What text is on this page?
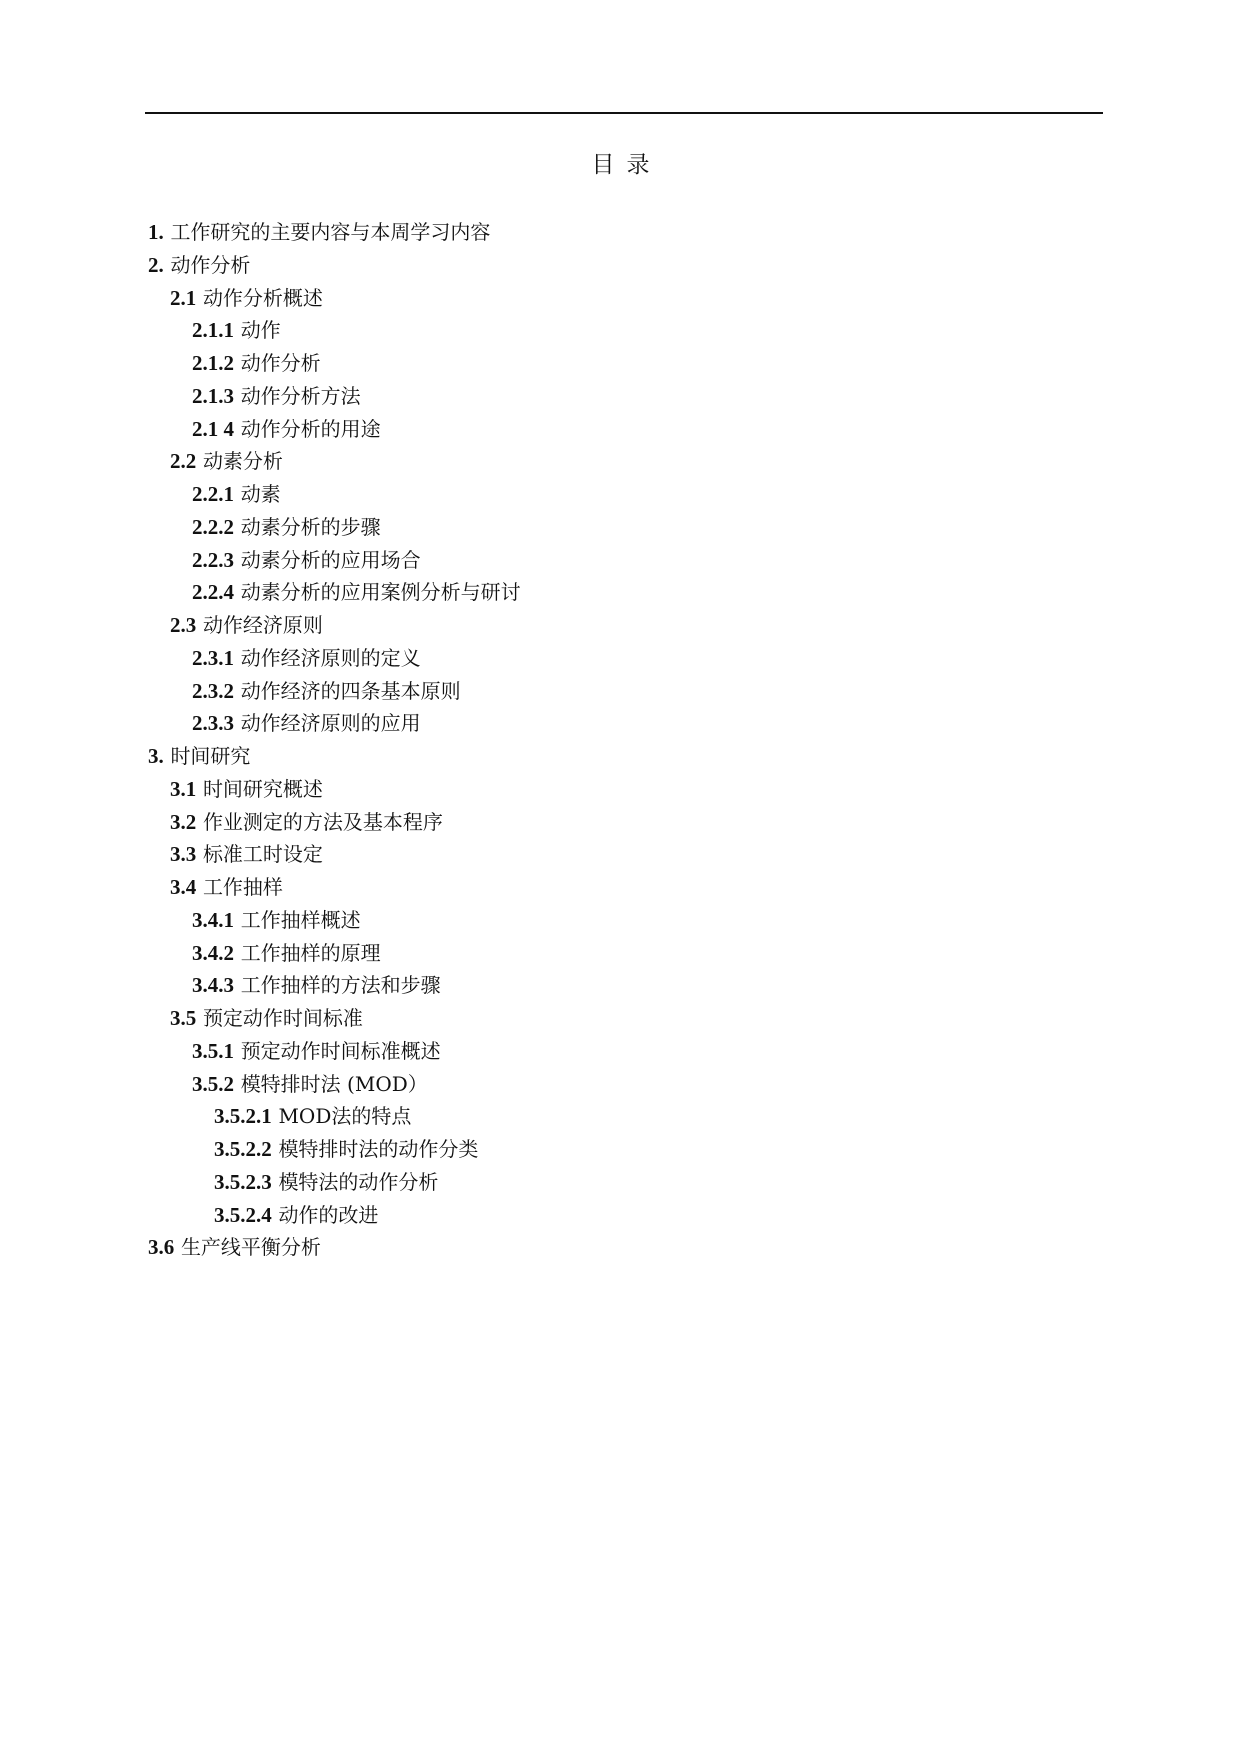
目录
1. 工作研究的主要内容与本周学习内容
2. 动作分析
2.1 动作分析概述
2.1.1 动作
2.1.2 动作分析
2.1.3 动作分析方法
2.1 4 动作分析的用途
2.2 动素分析
2.2.1 动素
2.2.2 动素分析的步骤
2.2.3 动素分析的应用场合
2.2.4 动素分析的应用案例分析与研讨
2.3 动作经济原则
2.3.1 动作经济原则的定义
2.3.2 动作经济的四条基本原则
2.3.3 动作经济原则的应用
3. 时间研究
3.1 时间研究概述
3.2 作业测定的方法及基本程序
3.3 标准工时设定
3.4 工作抽样
3.4.1 工作抽样概述
3.4.2 工作抽样的原理
3.4.3 工作抽样的方法和步骤
3.5 预定动作时间标准
3.5.1 预定动作时间标准概述
3.5.2 模特排时法 (MOD）
3.5.2.1 MOD法的特点
3.5.2.2 模特排时法的动作分类
3.5.2.3 模特法的动作分析
3.5.2.4 动作的改进
3.6 生产线平衡分析
